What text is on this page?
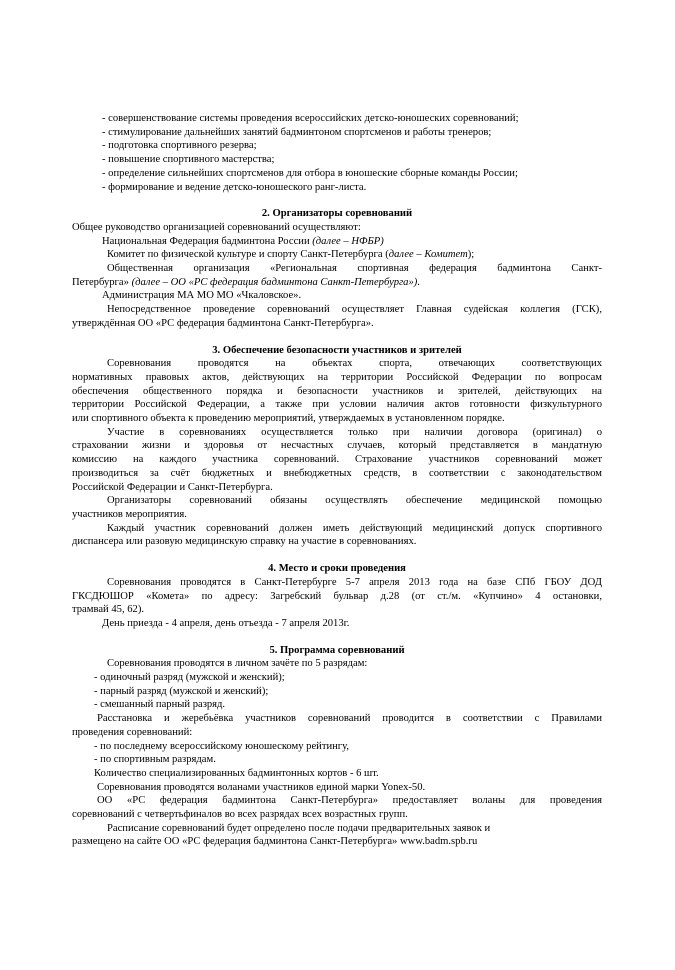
- совершенствование системы проведения всероссийских детско-юношеских соревнований;
- стимулирование дальнейших занятий бадминтоном спортсменов и работы тренеров;
- подготовка спортивного резерва;
- повышение спортивного мастерства;
- определение сильнейших спортсменов для отбора в юношеские сборные команды России;
- формирование и ведение детско-юношеского ранг-листа.
2. Организаторы соревнований
Общее руководство организацией соревнований осуществляют:
Национальная Федерация бадминтона России (далее – НФБР)
Комитет по физической культуре и спорту Санкт-Петербурга (далее – Комитет);
Общественная организация «Региональная спортивная федерация бадминтона Санкт-
Петербурга» (далее – ОО «РС федерация бадминтона Санкт-Петербурга»).
Администрация МА МО МО «Чкаловское».
Непосредственное проведение соревнований осуществляет Главная судейская коллегия (ГСК),
утверждённая ОО «РС федерация бадминтона Санкт-Петербурга».
3. Обеспечение безопасности участников и зрителей
Соревнования проводятся на объектах спорта, отвечающих соответствующих
нормативных правовых актов, действующих на территории Российской Федерации по вопросам
обеспечения общественного порядка и безопасности участников и зрителей, действующих на
территории Российской Федерации, а также при условии наличия актов готовности физкультурного
или спортивного объекта к проведению мероприятий, утверждаемых в установленном порядке.
Участие в соревнованиях осуществляется только при наличии договора (оригинал) о
страховании жизни и здоровья от несчастных случаев, который представляется в мандатную
комиссию на каждого участника соревнований. Страхование участников соревнований может
производиться за счёт бюджетных и внебюджетных средств, в соответствии с законодательством
Российской Федерации и Санкт-Петербурга.
Организаторы соревнований обязаны осуществлять обеспечение медицинской помощью
участников мероприятия.
Каждый участник соревнований должен иметь действующий медицинский допуск спортивного
диспансера или разовую медицинскую справку на участие в соревнованиях.
4. Место и сроки проведения
Соревнования проводятся в Санкт-Петербурге 5-7 апреля 2013 года на базе СПб ГБОУ ДОД
ГКСДЮШОР «Комета» по адресу: Загребский бульвар д.28 (от ст./м. «Купчино» 4 остановки,
трамвай 45, 62).
День приезда - 4 апреля, день отъезда - 7 апреля 2013г.
5. Программа соревнований
Соревнования проводятся в личном зачёте по 5 разрядам:
- одиночный разряд (мужской и женский);
- парный разряд (мужской и женский);
- смешанный парный разряд.
Расстановка и жеребьёвка участников соревнований проводится в соответствии с Правилами
проведения соревнований:
- по последнему всероссийскому юношескому рейтингу,
- по спортивным разрядам.
Количество специализированных бадминтонных кортов - 6 шт.
Соревнования проводятся воланами участников единой марки Yonex-50.
ОО «РС федерация бадминтона Санкт-Петербурга» предоставляет воланы для проведения
соревнований с четвертьфиналов во всех разрядах всех возрастных групп.
Расписание соревнований будет определено после подачи предварительных заявок и
размещено на сайте ОО «РС федерация бадминтона Санкт-Петербурга» www.badm.spb.ru
